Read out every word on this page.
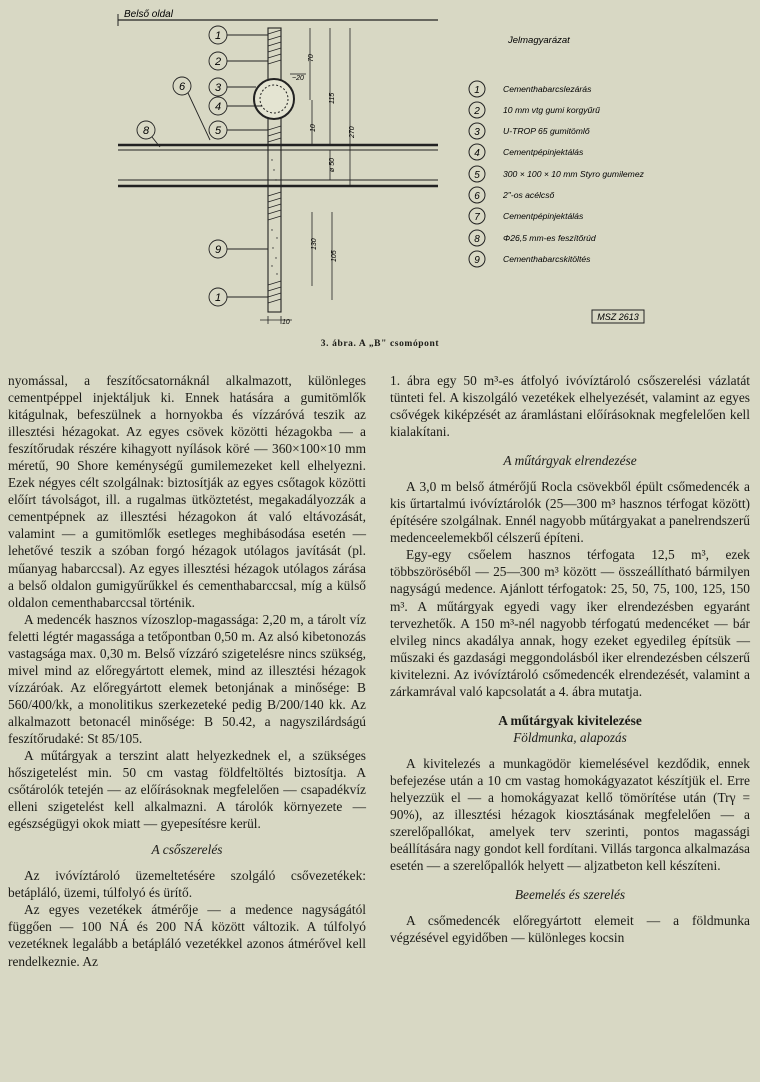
Belső oldal
~20
70
115
270
10
ø 50
130
105
10
1
2
3
4
5
9
1
6
8
Jelmagyarázat
1
2
3
4
5
6
7
8
9
Cementhabarcslezárás
10 mm vtg gumi korgyűrű
U-TROP 65 gumitömlő
Cementpépinjektálás
300 × 100 × 10 mm Styro gumilemez
2"-os acélcső
Cementpépinjektálás
Φ26,5 mm-es feszítőrúd
Cementhabarcskitöltés
MSZ 2613
3. ábra. A „B" csomópont

nyomással, a feszítőcsatornáknál alkalmazott, különleges cementpéppel injektáljuk ki. Ennek hatására a gumitömlők kitágulnak, befeszülnek a hornyokba és vízzáróvá teszik az illesztési hézagokat. Az egyes csövek közötti hézagokba — a feszítőrudak részére kihagyott nyílások köré — 360×100×10 mm méretű, 90 Shore keménységű gumilemezeket kell elhelyezni. Ezek négyes célt szolgálnak: biztosítják az egyes csőtagok közötti előírt távolságot, ill. a rugalmas ütköztetést, megakadályozzák a cementpépnek az illesztési hézagokon át való eltávozását, valamint — a gumitömlők esetleges meghibásodása esetén — lehetővé teszik a szóban forgó hézagok utólagos javítását (pl. műanyag habarccsal). Az egyes illesztési hézagok utólagos zárása a belső oldalon gumigyűrűkkel és cementhabarccsal, míg a külső oldalon cementhabarccsal történik.

A medencék hasznos vízoszlop-magassága: 2,20 m, a tárolt víz feletti légtér magassága a tetőpontban 0,50 m. Az alsó kibetonozás vastagsága max. 0,30 m. Belső vízzáró szigetelésre nincs szükség, mivel mind az előregyártott elemek, mind az illesztési hézagok vízzáróak. Az előregyártott elemek betonjának a minősége: B 560/400/kk, a monolitikus szerkezeteké pedig B/200/140 kk. Az alkalmazott betonacél minősége: B 50.42, a nagyszilárdságú feszítőrudaké: St 85/105.

A műtárgyak a terszint alatt helyezkednek el, a szükséges hőszigetelést min. 50 cm vastag földfeltöltés biztosítja. A csőtárolók tetején — az előírásoknak megfelelően — csapadékvíz elleni szigetelést kell alkalmazni. A tárolók környezete — egészségügyi okok miatt — gyepesítésre kerül.

A csőszerelés

Az ivóvíztároló üzemeltetésére szolgáló csővezetékek: betápláló, üzemi, túlfolyó és ürítő.

Az egyes vezetékek átmérője — a medence nagyságától függően — 100 NÁ és 200 NÁ között változik. A túlfolyó vezetéknek legalább a betápláló vezetékkel azonos átmérővel kell rendelkeznie. Az

1. ábra egy 50 m³-es átfolyó ivóvíztároló csőszerelési vázlatát tünteti fel. A kiszolgáló vezetékek elhelyezését, valamint az egyes csővégek kiképzését az áramlástani előírásoknak megfelelően kell kialakítani.

A műtárgyak elrendezése

A 3,0 m belső átmérőjű Rocla csövekből épült csőmedencék a kis űrtartalmú ivóvíztárolók (25—300 m³ hasznos térfogat között) építésére szolgálnak. Ennél nagyobb műtárgyakat a panelrendszerű medenceelemekből célszerű építeni.

Egy-egy csőelem hasznos térfogata 12,5 m³, ezek többszöröséből — 25—300 m³ között — összeállítható bármilyen nagyságú medence. Ajánlott térfogatok: 25, 50, 75, 100, 125, 150 m³. A műtárgyak egyedi vagy iker elrendezésben egyaránt tervezhetők. A 150 m³-nél nagyobb térfogatú medencéket — bár elvileg nincs akadálya annak, hogy ezeket egyedileg építsük — műszaki és gazdasági meggondolásból iker elrendezésben célszerű kivitelezni. Az ivóvíztároló csőmedencék elrendezését, valamint a zárkamrával való kapcsolatát a 4. ábra mutatja.

A műtárgyak kivitelezése
Földmunka, alapozás

A kivitelezés a munkagödör kiemelésével kezdődik, ennek befejezése után a 10 cm vastag homokágyazatot készítjük el. Erre helyezzük el — a homokágyazat kellő tömörítése után (Trγ = 90%), az illesztési hézagok kiosztásának megfelelően — a szerelőpallókat, amelyek terv szerinti, pontos magassági beállítására nagy gondot kell fordítani. Villás targonca alkalmazása esetén — a szerelőpallók helyett — aljzatbeton kell készíteni.

Beemelés és szerelés

A csőmedencék előregyártott elemeit — a földmunka végzésével egyidőben — különleges kocsin
